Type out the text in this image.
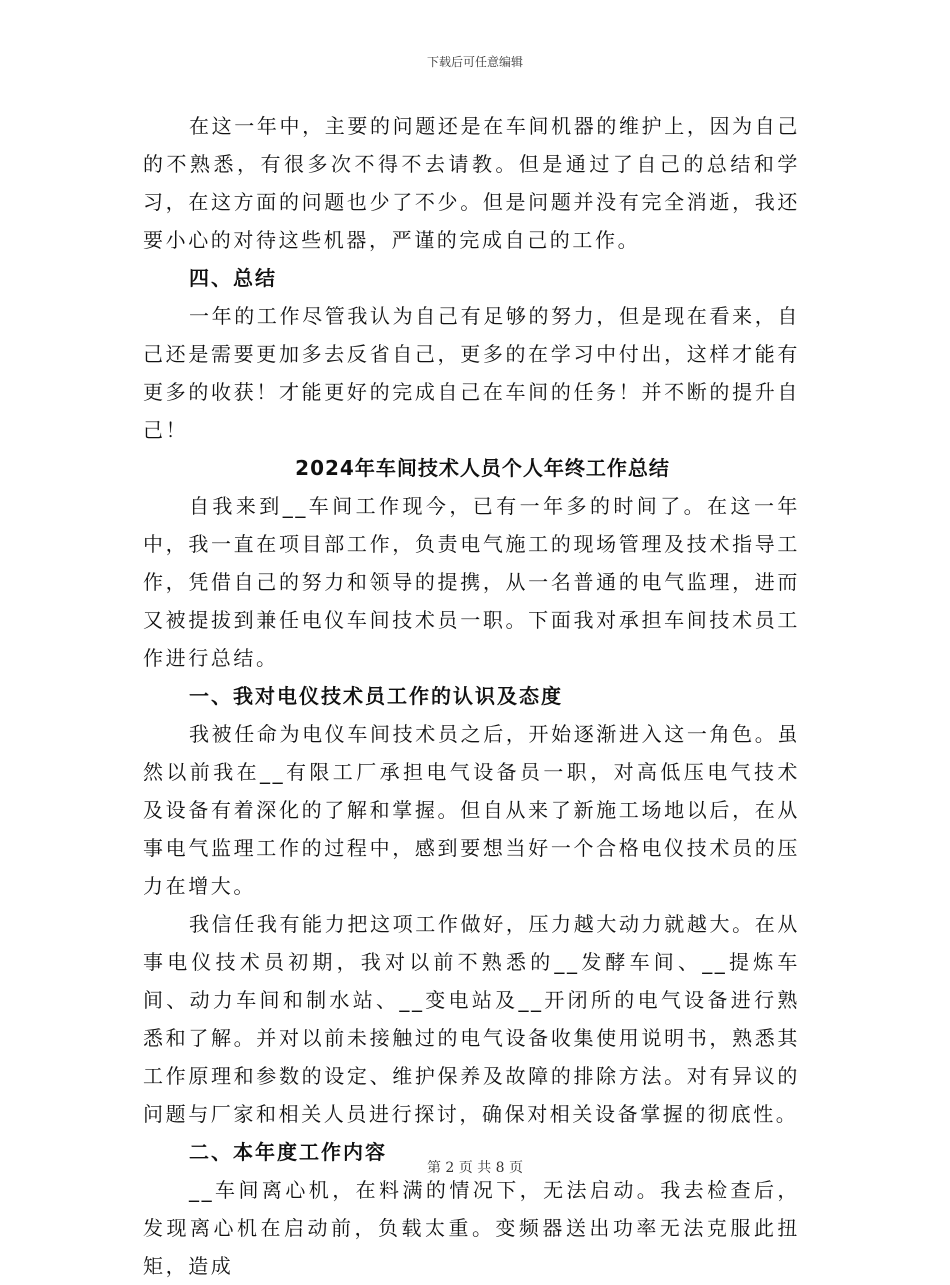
下载后可任意编辑

在这一年中，主要的问题还是在车间机器的维护上，因为自己的不熟悉，有很多次不得不去请教。但是通过了自己的总结和学习，在这方面的问题也少了不少。但是问题并没有完全消逝，我还要小心的对待这些机器，严谨的完成自己的工作。

四、总结

一年的工作尽管我认为自己有足够的努力，但是现在看来，自己还是需要更加多去反省自己，更多的在学习中付出，这样才能有更多的收获！才能更好的完成自己在车间的任务！并不断的提升自己！

2024年车间技术人员个人年终工作总结

自我来到__车间工作现今，已有一年多的时间了。在这一年中，我一直在项目部工作，负责电气施工的现场管理及技术指导工作，凭借自己的努力和领导的提携，从一名普通的电气监理，进而又被提拔到兼任电仪车间技术员一职。下面我对承担车间技术员工作进行总结。

一、我对电仪技术员工作的认识及态度

我被任命为电仪车间技术员之后，开始逐渐进入这一角色。虽然以前我在__有限工厂承担电气设备员一职，对高低压电气技术及设备有着深化的了解和掌握。但自从来了新施工场地以后，在从事电气监理工作的过程中，感到要想当好一个合格电仪技术员的压力在增大。

我信任我有能力把这项工作做好，压力越大动力就越大。在从事电仪技术员初期，我对以前不熟悉的__发酵车间、__提炼车间、动力车间和制水站、__变电站及__开闭所的电气设备进行熟悉和了解。并对以前未接触过的电气设备收集使用说明书，熟悉其工作原理和参数的设定、维护保养及故障的排除方法。对有异议的问题与厂家和相关人员进行探讨，确保对相关设备掌握的彻底性。

二、本年度工作内容

__车间离心机，在料满的情况下，无法启动。我去检查后，发现离心机在启动前，负载太重。变频器送出功率无法克服此扭矩，造成

第 2 页 共 8 页
